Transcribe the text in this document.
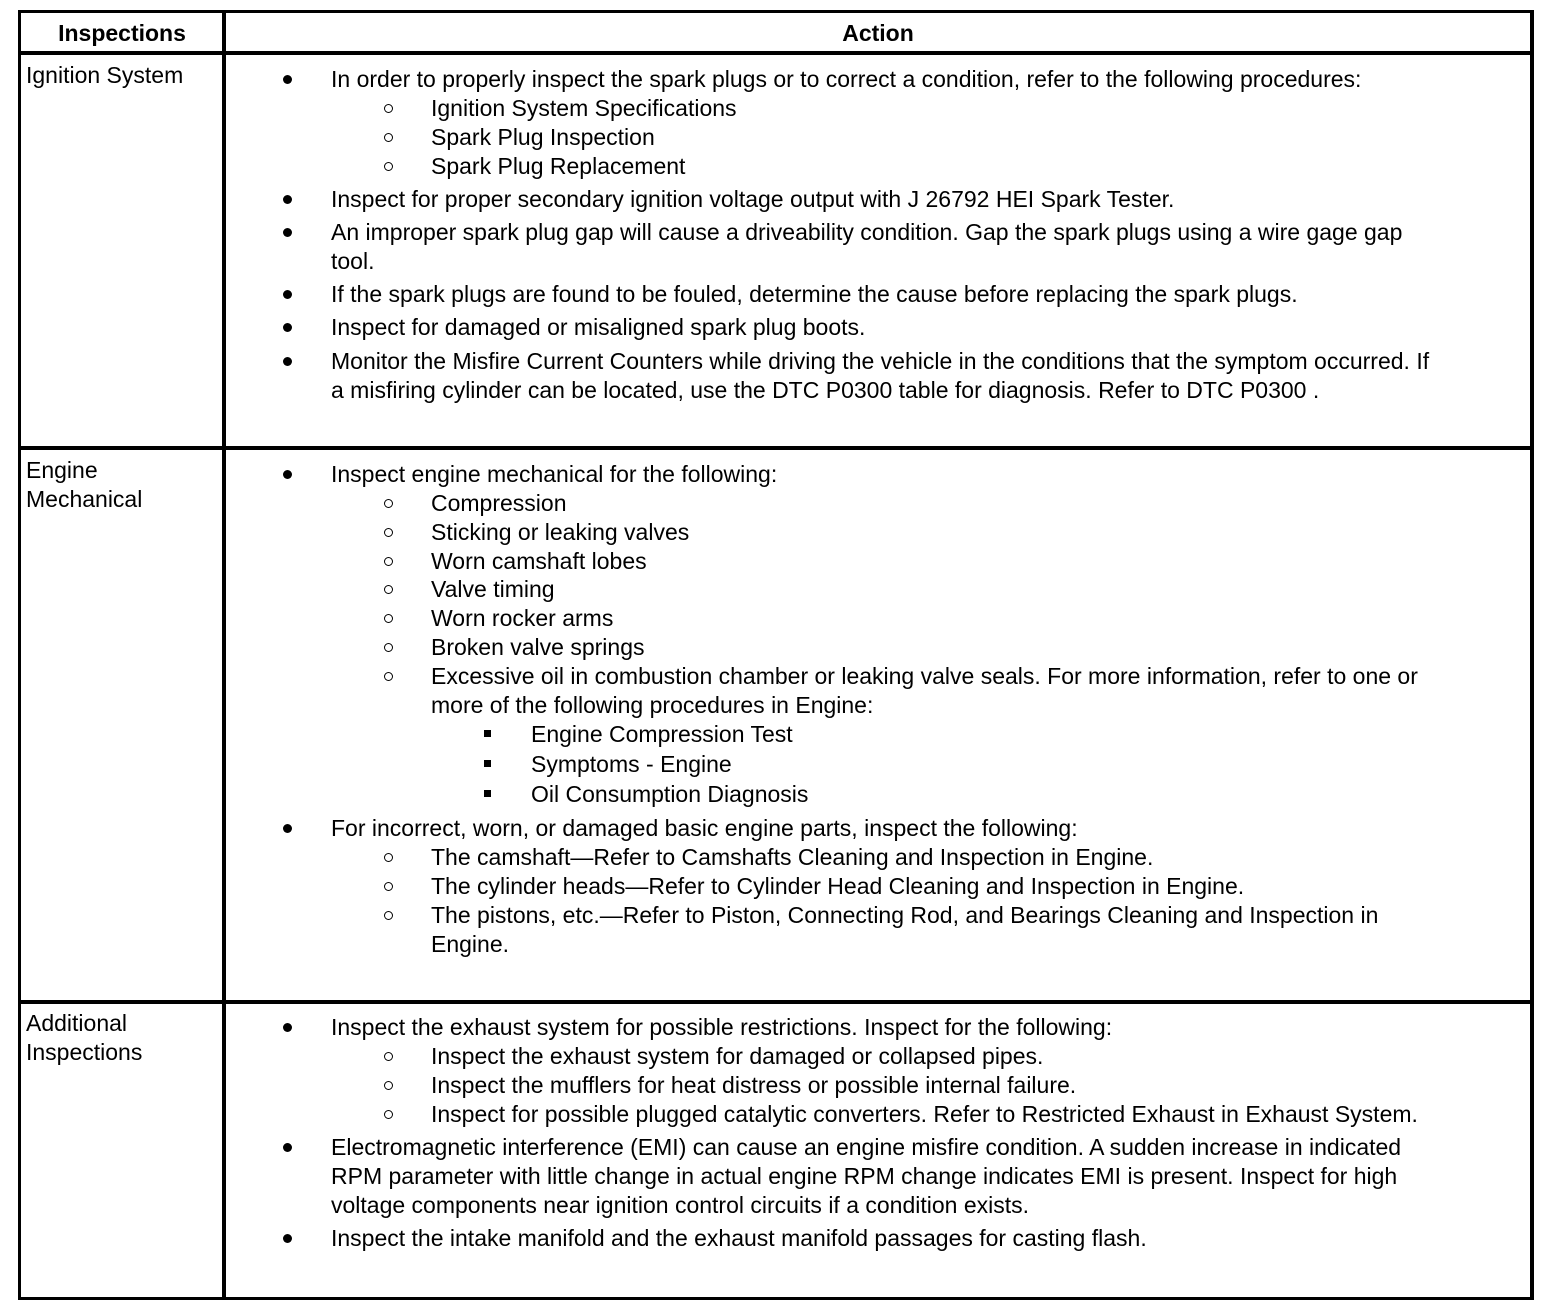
Inspections	Action
Ignition System	In order to properly inspect the spark plugs or to correct a condition, refer to the following procedures:
Ignition System Specifications
Spark Plug Inspection
Spark Plug Replacement
Inspect for proper secondary ignition voltage output with J 26792 HEI Spark Tester.
An improper spark plug gap will cause a driveability condition. Gap the spark plugs using a wire gage gap
tool.
If the spark plugs are found to be fouled, determine the cause before replacing the spark plugs.
Inspect for damaged or misaligned spark plug boots.
Monitor the Misfire Current Counters while driving the vehicle in the conditions that the symptom occurred. If
a misfiring cylinder can be located, use the DTC P0300 table for diagnosis. Refer to DTC P0300 .
Engine
Mechanical
Inspect engine mechanical for the following:
Compression
Sticking or leaking valves
Worn camshaft lobes
Valve timing
Worn rocker arms
Broken valve springs
Excessive oil in combustion chamber or leaking valve seals. For more information, refer to one or
more of the following procedures in Engine:
Engine Compression Test
Symptoms - Engine
Oil Consumption Diagnosis
For incorrect, worn, or damaged basic engine parts, inspect the following:
The camshaft—Refer to Camshafts Cleaning and Inspection in Engine.
The cylinder heads—Refer to Cylinder Head Cleaning and Inspection in Engine.
The pistons, etc.—Refer to Piston, Connecting Rod, and Bearings Cleaning and Inspection in
Engine.
Additional
Inspections
Inspect the exhaust system for possible restrictions. Inspect for the following:
Inspect the exhaust system for damaged or collapsed pipes.
Inspect the mufflers for heat distress or possible internal failure.
Inspect for possible plugged catalytic converters. Refer to Restricted Exhaust in Exhaust System.
Electromagnetic interference (EMI) can cause an engine misfire condition. A sudden increase in indicated
RPM parameter with little change in actual engine RPM change indicates EMI is present. Inspect for high
voltage components near ignition control circuits if a condition exists.
Inspect the intake manifold and the exhaust manifold passages for casting flash.
